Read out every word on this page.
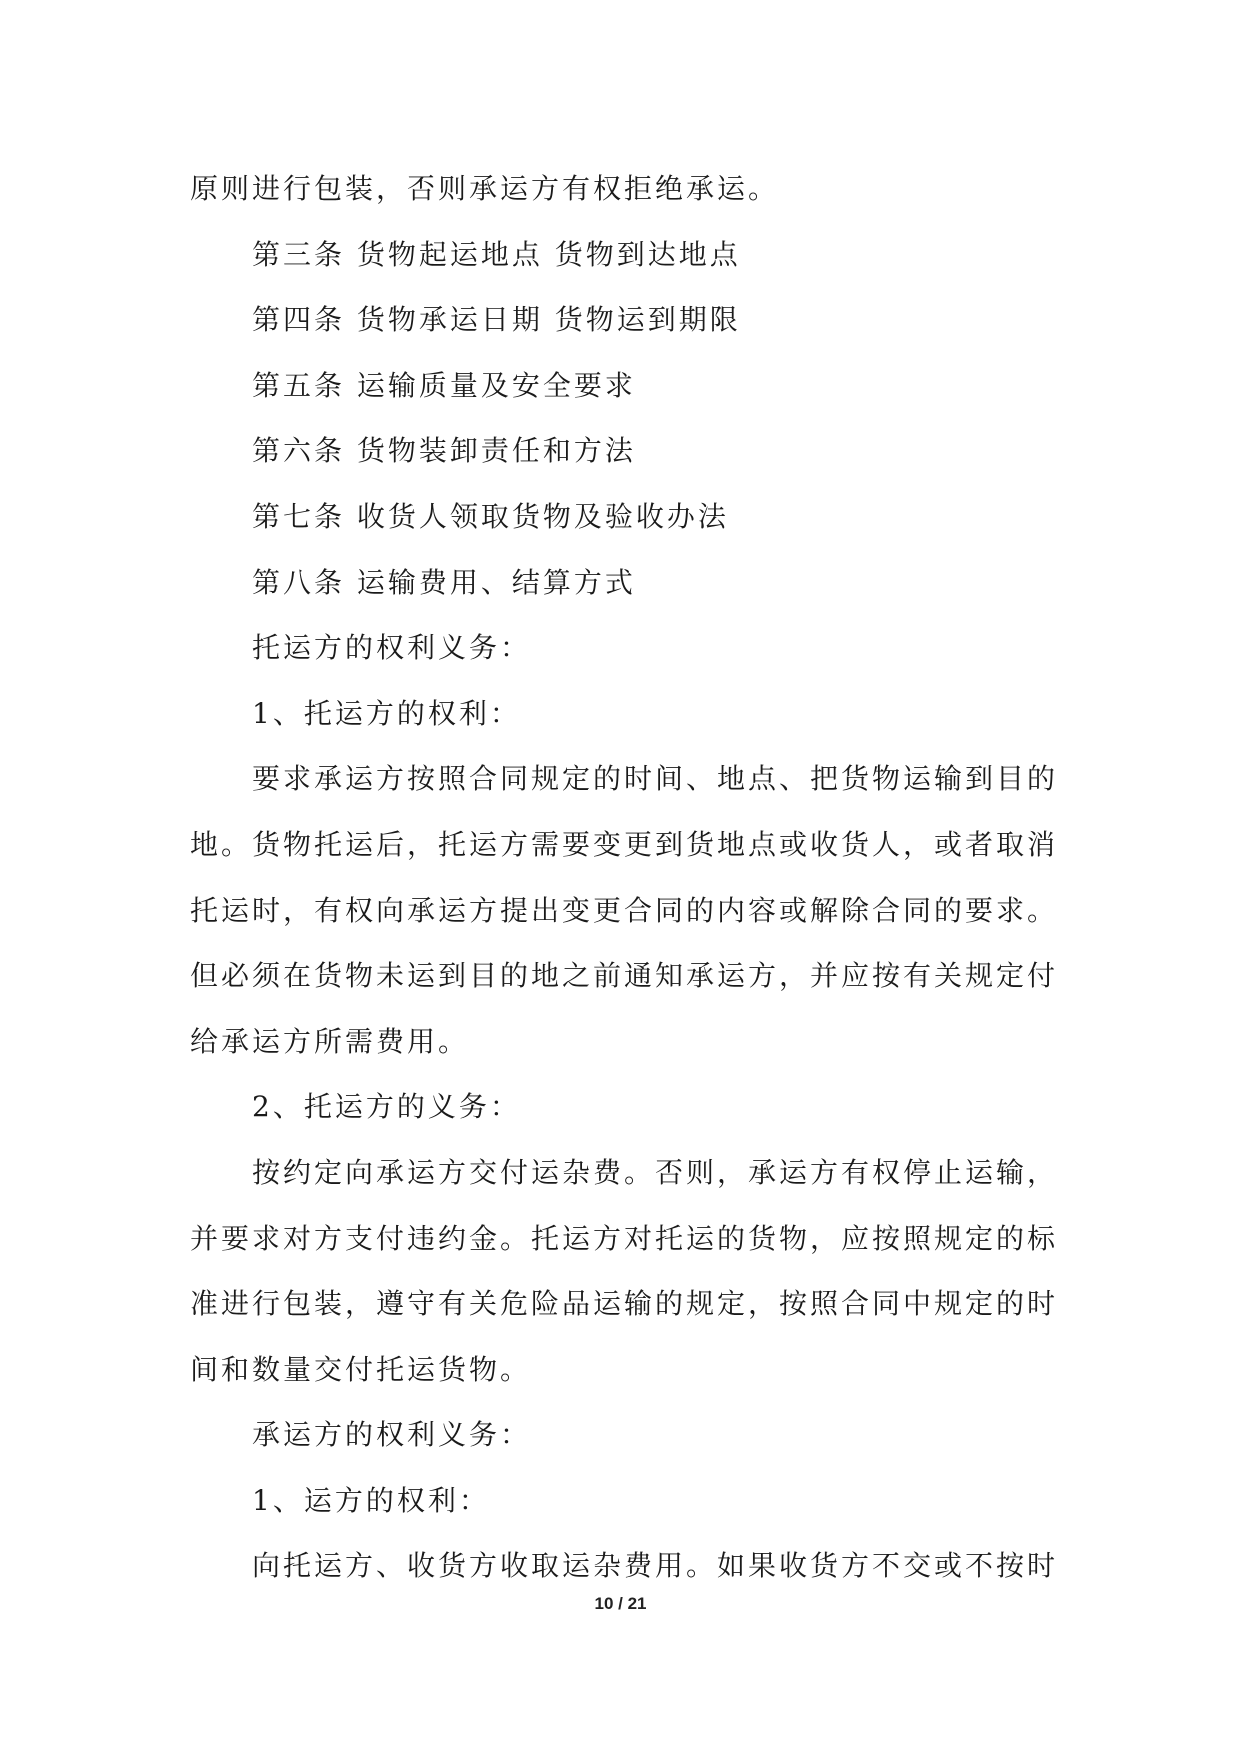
原则进行包装，否则承运方有权拒绝承运。
第三条 货物起运地点 货物到达地点
第四条 货物承运日期 货物运到期限
第五条 运输质量及安全要求
第六条 货物装卸责任和方法
第七条 收货人领取货物及验收办法
第八条 运输费用、结算方式
托运方的权利义务：
1、托运方的权利：
要求承运方按照合同规定的时间、地点、把货物运输到目的
地。货物托运后，托运方需要变更到货地点或收货人，或者取消
托运时，有权向承运方提出变更合同的内容或解除合同的要求。
但必须在货物未运到目的地之前通知承运方，并应按有关规定付
给承运方所需费用。
2、托运方的义务：
按约定向承运方交付运杂费。否则，承运方有权停止运输，
并要求对方支付违约金。托运方对托运的货物，应按照规定的标
准进行包装，遵守有关危险品运输的规定，按照合同中规定的时
间和数量交付托运货物。
承运方的权利义务：
1、运方的权利：
向托运方、收货方收取运杂费用。如果收货方不交或不按时
10 / 21
